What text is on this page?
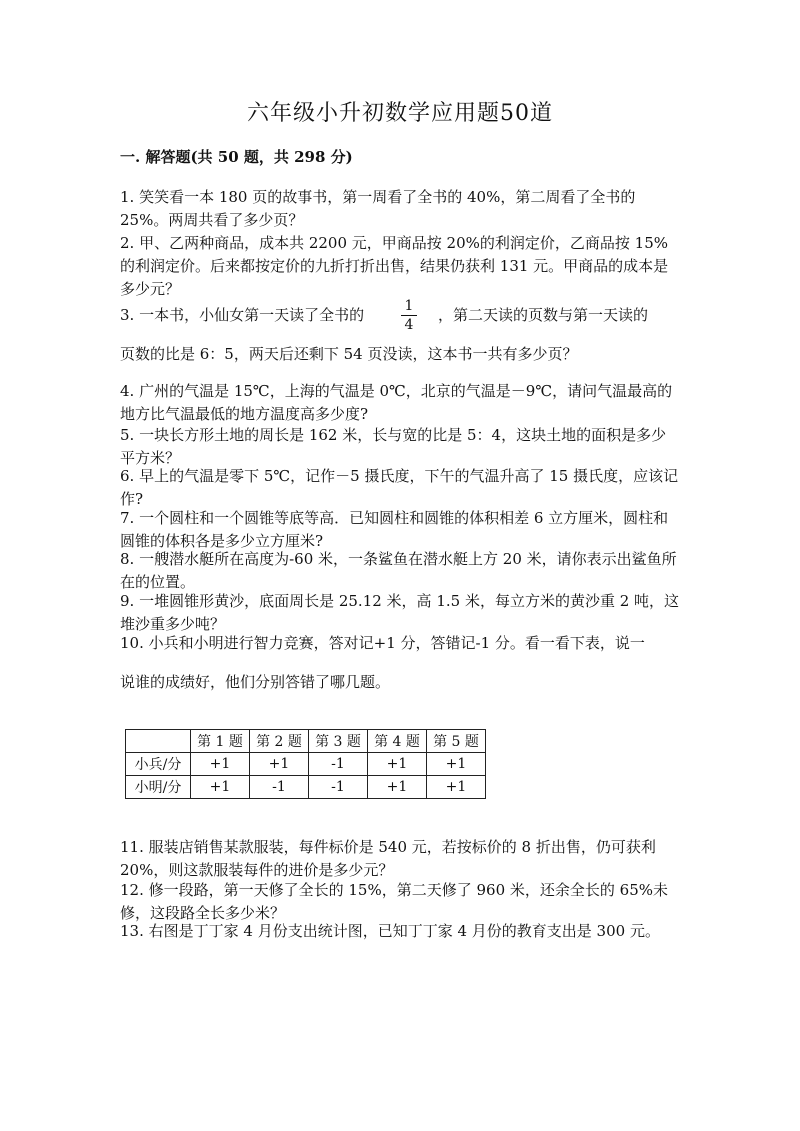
六年级小升初数学应用题50道
一. 解答题(共 50 题，共 298 分)
1. 笑笑看一本 180 页的故事书，第一周看了全书的 40%，第二周看了全书的 25%。两周共看了多少页？
2. 甲、乙两种商品，成本共 2200 元，甲商品按 20%的利润定价，乙商品按 15%的利润定价。后来都按定价的九折打折出售，结果仍获利 131 元。甲商品的成本是多少元？
3. 一本书，小仙女第一天读了全书的	1
4
，第二天读的页数与第一天读的
页数的比是 6：5，两天后还剩下 54 页没读，这本书一共有多少页？
4. 广州的气温是 15℃，上海的气温是 0℃，北京的气温是－9℃，请问气温最高的地方比气温最低的地方温度高多少度?
5. 一块长方形土地的周长是 162 米，长与宽的比是 5：4，这块土地的面积是多少平方米？
6. 早上的气温是零下 5℃，记作－5 摄氏度，下午的气温升高了 15 摄氏度，应该记作?
7. 一个圆柱和一个圆锥等底等高．已知圆柱和圆锥的体积相差 6 立方厘米，圆柱和圆锥的体积各是多少立方厘米?
8. 一艘潜水艇所在高度为-60 米，一条鲨鱼在潜水艇上方 20 米，请你表示出鲨鱼所在的位置。
9. 一堆圆锥形黄沙，底面周长是 25.12 米，高 1.5 米，每立方米的黄沙重 2 吨，这堆沙重多少吨？
10. 小兵和小明进行智力竞赛，答对记+1 分，答错记-1 分。看一看下表，说一
说谁的成绩好，他们分别答错了哪几题。
	第 1 题	第 2 题	第 3 题	第 4 题	第 5 题
小兵/分	+1	+1	-1	+1	+1
小明/分	+1	-1	-1	+1	+1
11. 服装店销售某款服装，每件标价是 540 元，若按标价的 8 折出售，仍可获利 20%，则这款服装每件的进价是多少元？
12. 修一段路，第一天修了全长的 15%，第二天修了 960 米，还余全长的 65%未修，这段路全长多少米？
13. 右图是丁丁家 4 月份支出统计图，已知丁丁家 4 月份的教育支出是 300 元。
